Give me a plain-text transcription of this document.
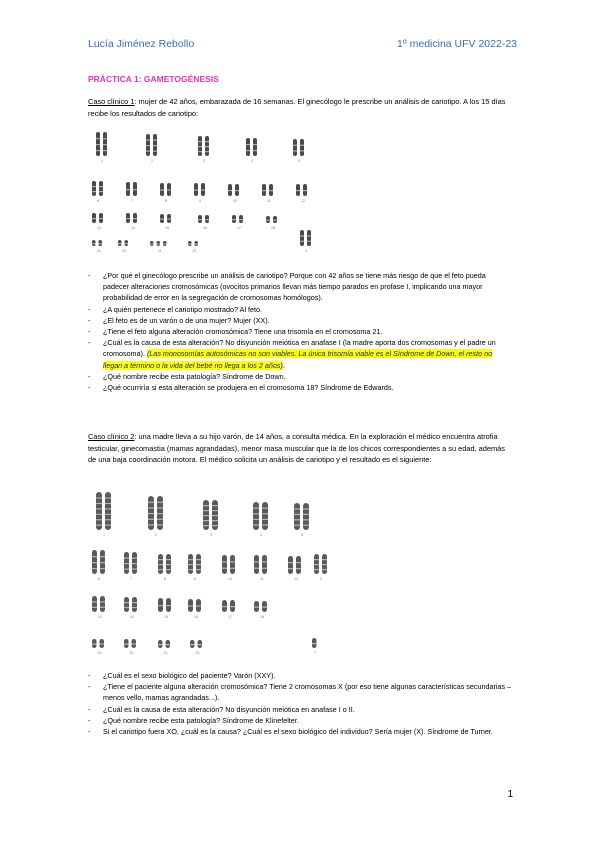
Lucía Jiménez Rebollo	1º medicina UFV 2022-23
PRÁCTICA 1: GAMETOGÉNESIS
Caso clínico 1: mujer de 42 años, embarazada de 16 semanas. El ginecólogo le prescribe un análisis de cariotipo. A los 15 días recibe los resultados de cariotipo:
1	2	3	4	5
6	7	8	9	10	11	12
13	14	15	16	17	18
19	20	21	22	X
- ¿Por qué el ginecólogo prescribe un análisis de cariotipo? Porque con 42 años se tiene más riesgo de que el feto pueda padecer alteraciones cromosómicas (ovocitos primarios llevan más tiempo parados en profase I, implicando una mayor probabilidad de error en la segregación de cromosomas homólogos).
- ¿A quién pertenece el cariotipo mostrado? Al feto.
- ¿El feto es de un varón o de una mujer? Mujer (XX).
- ¿Tiene el feto alguna alteración cromosómica? Tiene una trisomía en el cromosoma 21.
- ¿Cuál es la causa de esta alteración? No disyunción meiótica en anafase I (la madre aporta dos cromosomas y el padre un cromosoma). (Las monosomías autosómicas no son viables. La única trisomía viable es el Síndrome de Down, el resto no llegan a término o la vida del bebé no llega a los 2 años).
- ¿Qué nombre recibe esta patología? Síndrome de Down.
- ¿Qué ocurriría si esta alteración se produjera en el cromosoma 18? Síndrome de Edwards.
Caso clínico 2: una madre lleva a su hijo varón, de 14 años, a consulta médica. En la exploración el médico encuentra atrofia testicular, ginecomastia (mamas agrandadas), menor masa muscular que la de los chicos correspondientes a su edad, además de una baja coordinación motora. El médico solicita un análisis de cariotipo y el resultado es el siguiente:
1	2	3	4	5
6	7	8	9	10	11	12	X
13	14	15	16	17	18
19	20	21	22	Y
- ¿Cuál es el sexo biológico del paciente? Varón (XXY).
- ¿Tiene el paciente alguna alteración cromosómica? Tiene 2 cromosomas X (por eso tiene algunas características secundarias – menos vello, mamas agrandadas...).
- ¿Cuál es la causa de esta alteración? No disyunción meiótica en anafase I o II.
- ¿Qué nombre recibe esta patología? Síndrome de Klinefelter.
- Si el cariotipo fuera XO, ¿cuál es la causa? ¿Cuál es el sexo biológico del individuo? Sería mujer (X). Síndrome de Turner.
1
